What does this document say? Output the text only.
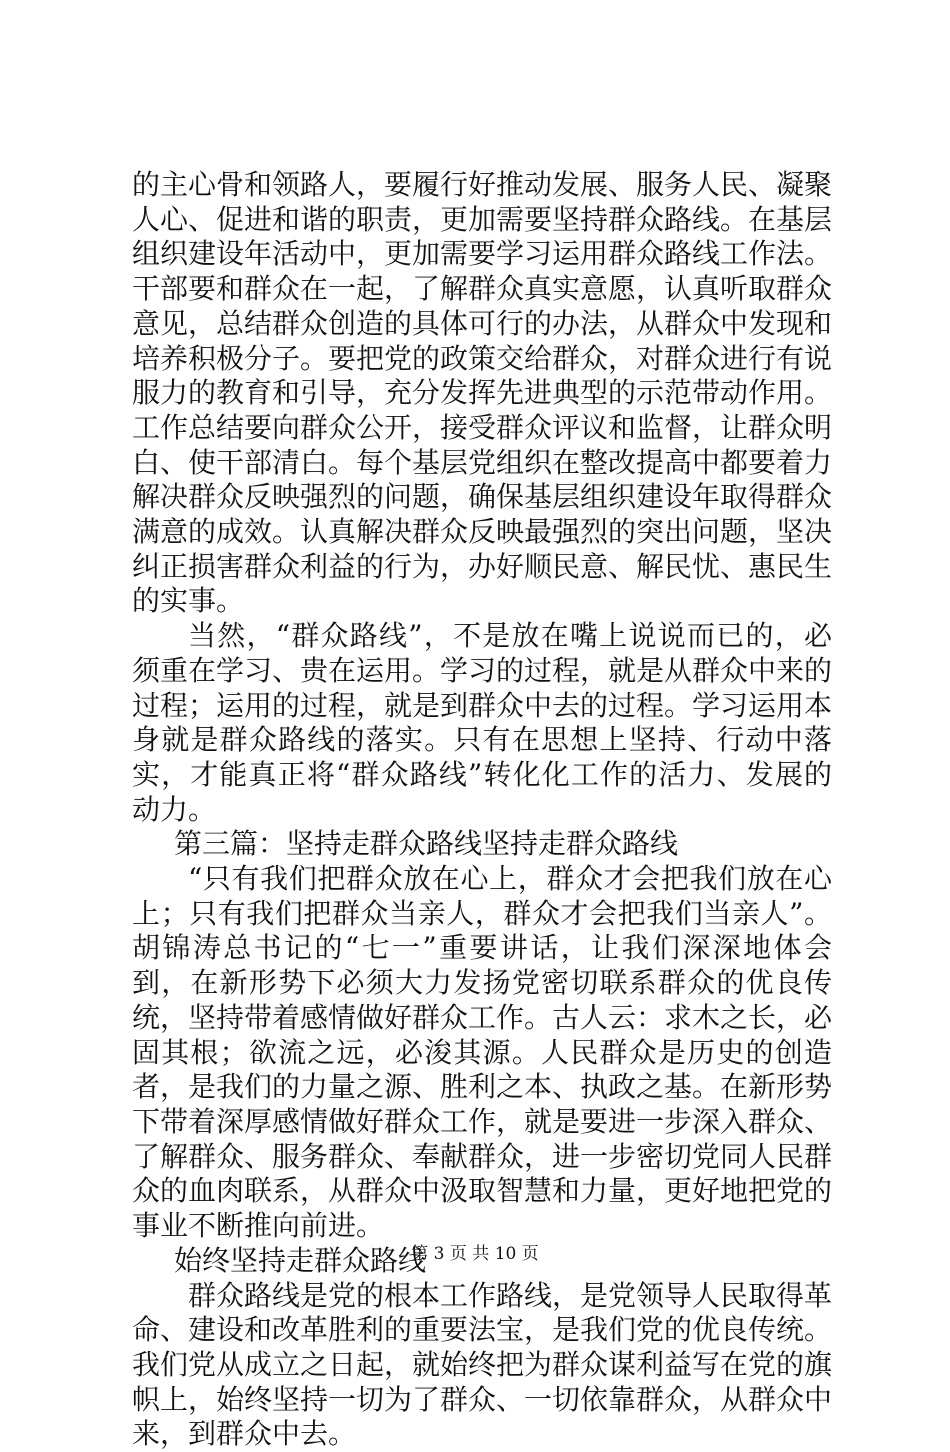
的主心骨和领路人，要履行好推动发展、服务人民、凝聚人心、促进和谐的职责，更加需要坚持群众路线。在基层组织建设年活动中，更加需要学习运用群众路线工作法。干部要和群众在一起，了解群众真实意愿，认真听取群众意见，总结群众创造的具体可行的办法，从群众中发现和培养积极分子。要把党的政策交给群众，对群众进行有说服力的教育和引导，充分发挥先进典型的示范带动作用。工作总结要向群众公开，接受群众评议和监督，让群众明白、使干部清白。每个基层党组织在整改提高中都要着力解决群众反映强烈的问题，确保基层组织建设年取得群众满意的成效。认真解决群众反映最强烈的突出问题，坚决纠正损害群众利益的行为，办好顺民意、解民忧、惠民生的实事。

当然，“群众路线”，不是放在嘴上说说而已的，必须重在学习、贵在运用。学习的过程，就是从群众中来的过程；运用的过程，就是到群众中去的过程。学习运用本身就是群众路线的落实。只有在思想上坚持、行动中落实，才能真正将“群众路线”转化化工作的活力、发展的动力。

第三篇：坚持走群众路线坚持走群众路线

“只有我们把群众放在心上，群众才会把我们放在心上；只有我们把群众当亲人，群众才会把我们当亲人”。胡锦涛总书记的“七一”重要讲话，让我们深深地体会到，在新形势下必须大力发扬党密切联系群众的优良传统，坚持带着感情做好群众工作。古人云：求木之长，必固其根；欲流之远，必浚其源。人民群众是历史的创造者，是我们的力量之源、胜利之本、执政之基。在新形势下带着深厚感情做好群众工作，就是要进一步深入群众、了解群众、服务群众、奉献群众，进一步密切党同人民群众的血肉联系，从群众中汲取智慧和力量，更好地把党的事业不断推向前进。

始终坚持走群众路线

群众路线是党的根本工作路线，是党领导人民取得革命、建设和改革胜利的重要法宝，是我们党的优良传统。我们党从成立之日起，就始终把为群众谋利益写在党的旗帜上，始终坚持一切为了群众、一切依靠群众，从群众中来，到群众中去。

第 3 页 共 10 页
